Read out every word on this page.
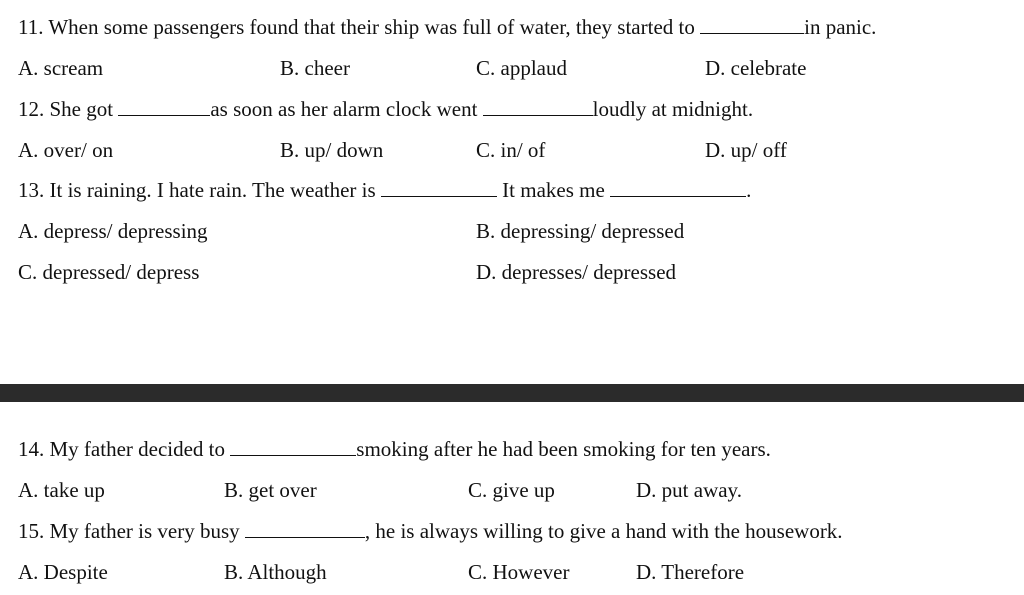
11. When some passengers found that their ship was full of water, they started to	in panic.
A. scream	B. cheer	C. applaud	D. celebrate
12. She got	as soon as her alarm clock went	loudly at midnight.
A. over/ on	B. up/ down	C. in/ of	D. up/ off
13. It is raining. I hate rain. The weather is	It makes me	.
A. depress/ depressing	B. depressing/ depressed
C. depressed/ depress	D. depresses/ depressed
14. My father decided to	smoking after he had been smoking for ten years.
A. take up	B. get over	C. give up	D. put away.
15. My father is very busy	, he is always willing to give a hand with the housework.
A. Despite	B. Although	C. However	D. Therefore
